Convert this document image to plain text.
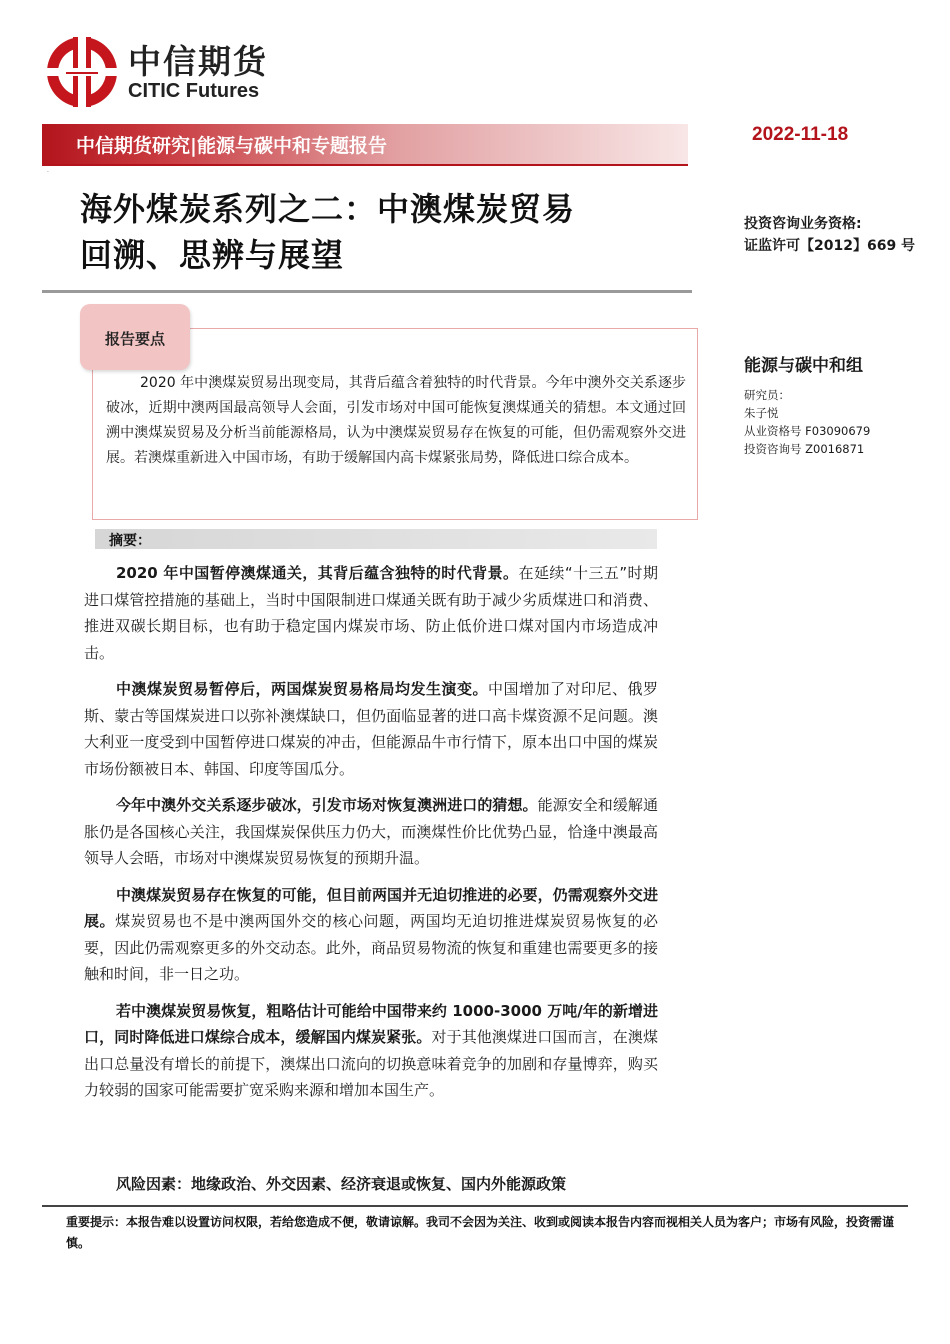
中信期货
CITIC Futures
中信期货研究|能源与碳中和专题报告
.
2022-11-18
海外煤炭系列之二：中澳煤炭贸易
回溯、思辨与展望
投资咨询业务资格:
证监许可【2012】669 号
能源与碳中和组
研究员：
朱子悦
从业资格号 F03090679
投资咨询号 Z0016871
报告要点
2020 年中澳煤炭贸易出现变局，其背后蕴含着独特的时代背景。今年中澳外交关系逐步破冰，近期中澳两国最高领导人会面，引发市场对中国可能恢复澳煤通关的猜想。本文通过回溯中澳煤炭贸易及分析当前能源格局，认为中澳煤炭贸易存在恢复的可能，但仍需观察外交进展。若澳煤重新进入中国市场，有助于缓解国内高卡煤紧张局势，降低进口综合成本。
摘要：

2020 年中国暂停澳煤通关，其背后蕴含独特的时代背景。在延续“十三五”时期进口煤管控措施的基础上，当时中国限制进口煤通关既有助于减少劣质煤进口和消费、推进双碳长期目标，也有助于稳定国内煤炭市场、防止低价进口煤对国内市场造成冲击。

中澳煤炭贸易暂停后，两国煤炭贸易格局均发生演变。中国增加了对印尼、俄罗斯、蒙古等国煤炭进口以弥补澳煤缺口，但仍面临显著的进口高卡煤资源不足问题。澳大利亚一度受到中国暂停进口煤炭的冲击，但能源品牛市行情下，原本出口中国的煤炭市场份额被日本、韩国、印度等国瓜分。

今年中澳外交关系逐步破冰，引发市场对恢复澳洲进口的猜想。能源安全和缓解通胀仍是各国核心关注，我国煤炭保供压力仍大，而澳煤性价比优势凸显，恰逢中澳最高领导人会晤，市场对中澳煤炭贸易恢复的预期升温。

中澳煤炭贸易存在恢复的可能，但目前两国并无迫切推进的必要，仍需观察外交进展。煤炭贸易也不是中澳两国外交的核心问题，两国均无迫切推进煤炭贸易恢复的必要，因此仍需观察更多的外交动态。此外，商品贸易物流的恢复和重建也需要更多的接触和时间，非一日之功。

若中澳煤炭贸易恢复，粗略估计可能给中国带来约 1000-3000 万吨/年的新增进口，同时降低进口煤综合成本，缓解国内煤炭紧张。对于其他澳煤进口国而言，在澳煤出口总量没有增长的前提下，澳煤出口流向的切换意味着竞争的加剧和存量博弈，购买力较弱的国家可能需要扩宽采购来源和增加本国生产。

风险因素：地缘政治、外交因素、经济衰退或恢复、国内外能源政策
重要提示：本报告难以设置访问权限，若给您造成不便，敬请谅解。我司不会因为关注、收到或阅读本报告内容而视相关人员为客户；市场有风险，投资需谨慎。
